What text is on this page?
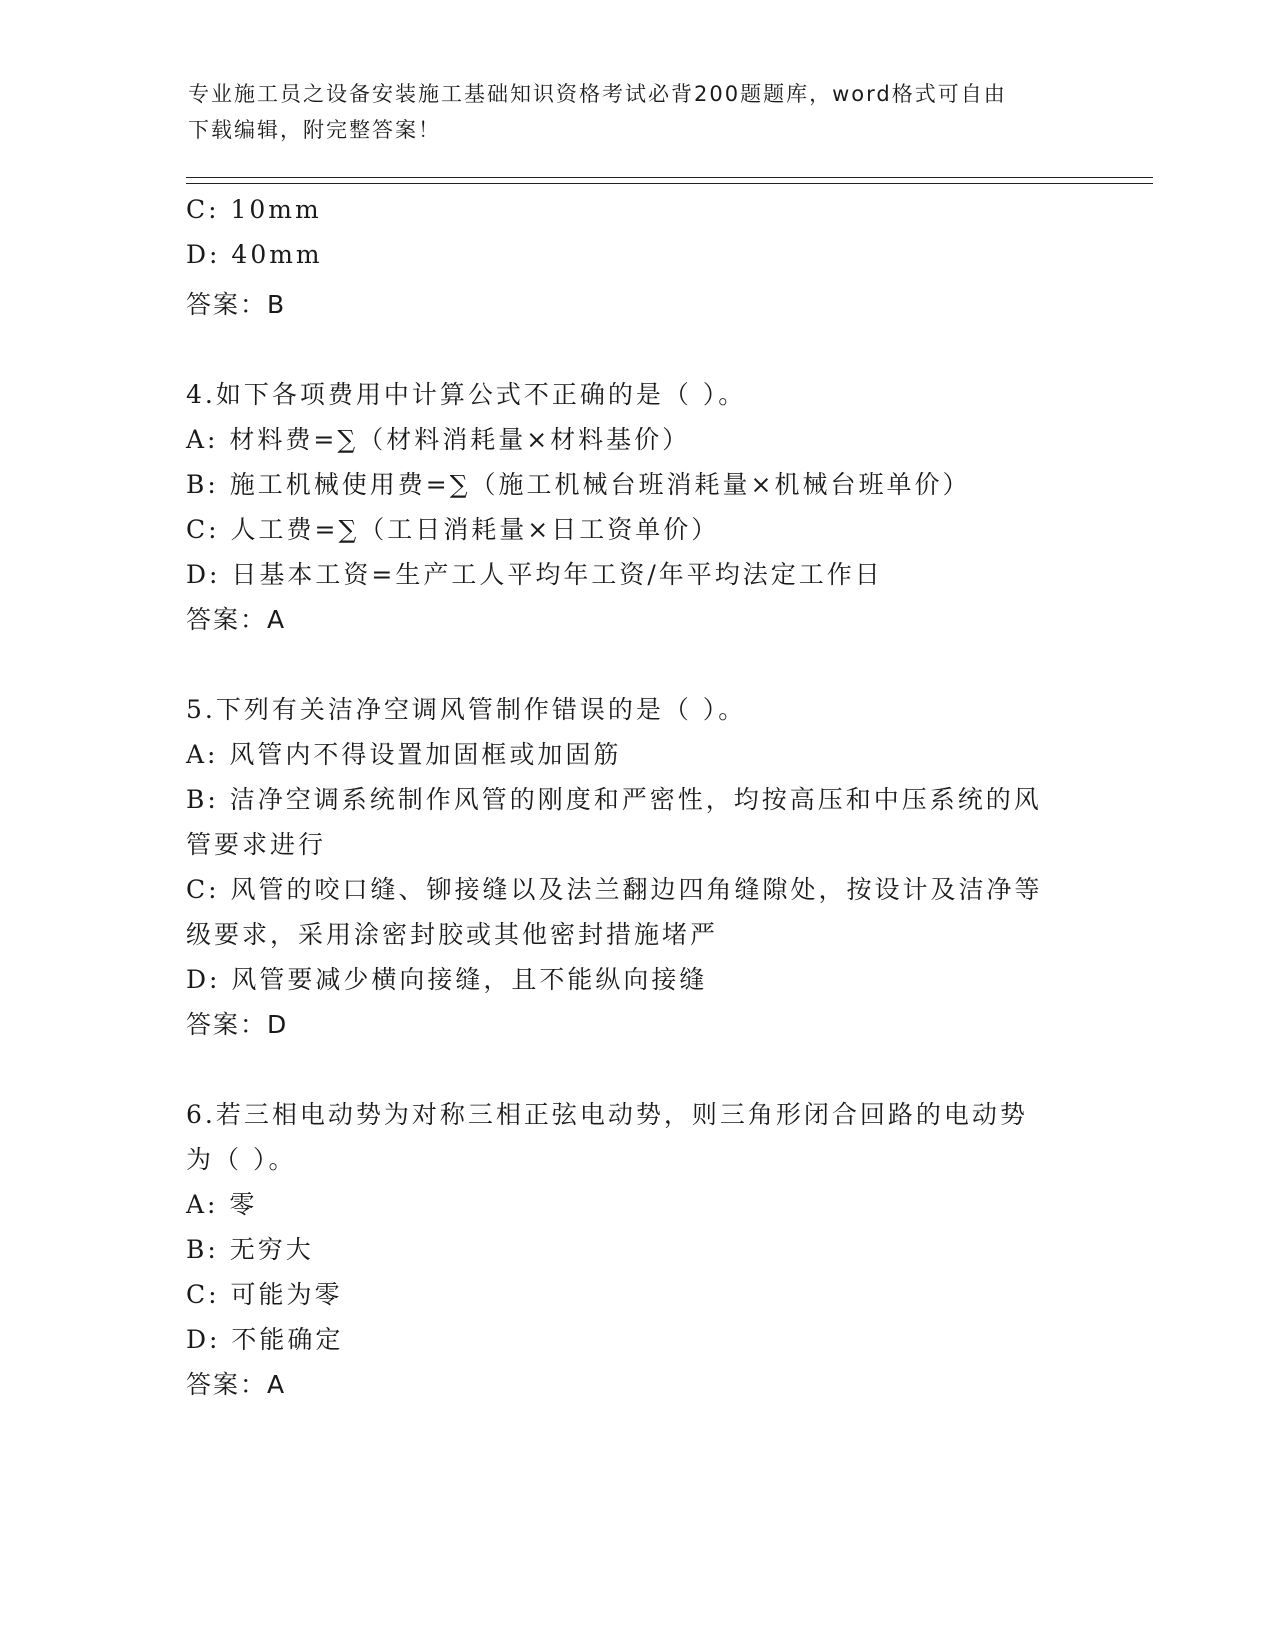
专业施工员之设备安装施工基础知识资格考试必背200题题库，word格式可自由
下载编辑，附完整答案！
C: 10mm
D: 40mm
答案：B
4.如下各项费用中计算公式不正确的是（ ）。
A: 材料费=∑（材料消耗量×材料基价）
B: 施工机械使用费=∑（施工机械台班消耗量×机械台班单价）
C: 人工费=∑（工日消耗量×日工资单价）
D: 日基本工资=生产工人平均年工资/年平均法定工作日
答案：A
5.下列有关洁净空调风管制作错误的是（ ）。
A: 风管内不得设置加固框或加固筋
B: 洁净空调系统制作风管的刚度和严密性，均按高压和中压系统的风
管要求进行
C: 风管的咬口缝、铆接缝以及法兰翻边四角缝隙处，按设计及洁净等
级要求，采用涂密封胶或其他密封措施堵严
D: 风管要减少横向接缝，且不能纵向接缝
答案：D
6.若三相电动势为对称三相正弦电动势，则三角形闭合回路的电动势
为（ ）。
A: 零
B: 无穷大
C: 可能为零
D: 不能确定
答案：A
